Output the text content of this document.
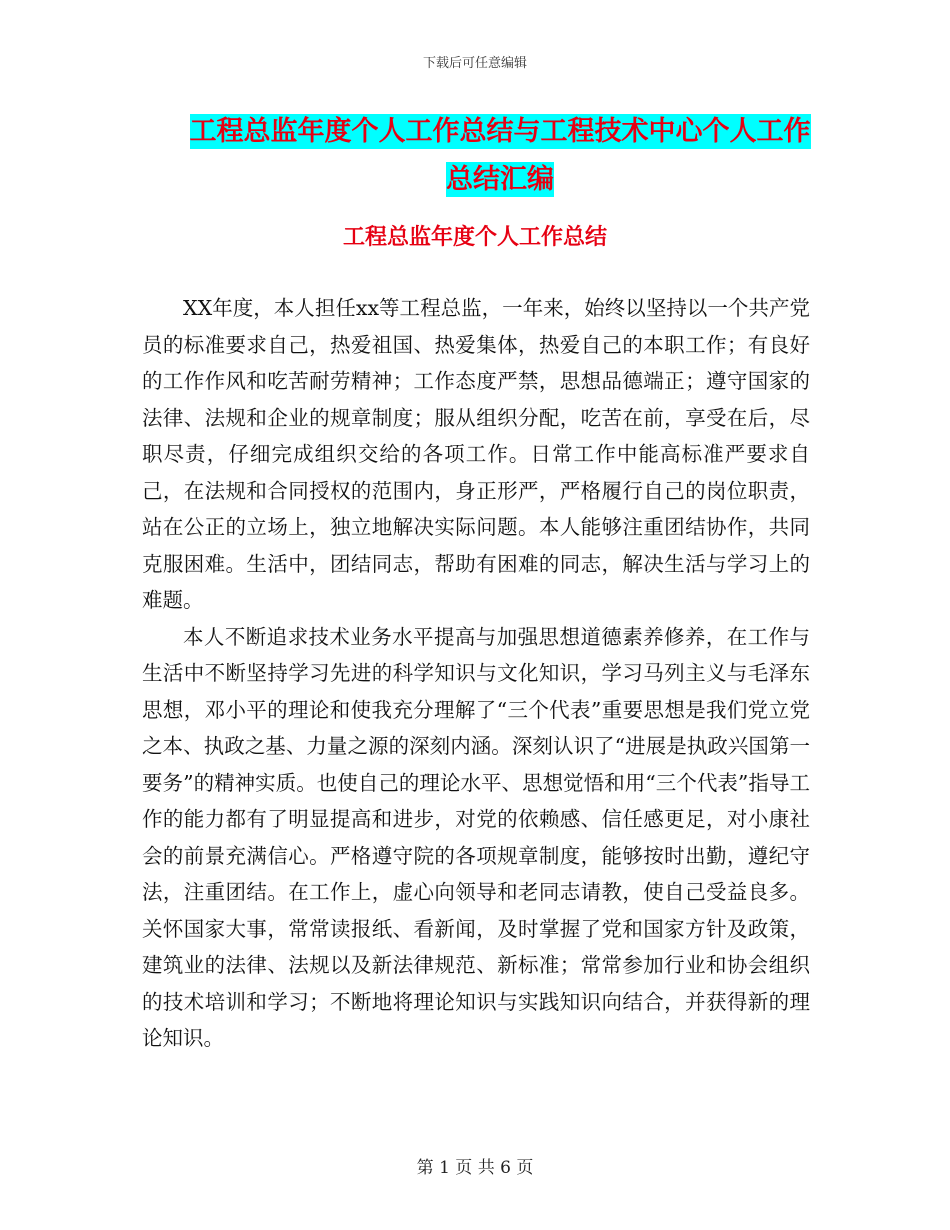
下载后可任意编辑
工程总监年度个人工作总结与工程技术中心个人工作
总结汇编
工程总监年度个人工作总结

XX年度，本人担任xx等工程总监，一年来，始终以坚持以一个共产党员的标准要求自己，热爱祖国、热爱集体，热爱自己的本职工作；有良好的工作作风和吃苦耐劳精神；工作态度严禁，思想品德端正；遵守国家的法律、法规和企业的规章制度；服从组织分配，吃苦在前，享受在后，尽职尽责，仔细完成组织交给的各项工作。日常工作中能高标准严要求自己，在法规和合同授权的范围内，身正形严，严格履行自己的岗位职责，站在公正的立场上，独立地解决实际问题。本人能够注重团结协作，共同克服困难。生活中，团结同志，帮助有困难的同志，解决生活与学习上的难题。

本人不断追求技术业务水平提高与加强思想道德素养修养，在工作与生活中不断坚持学习先进的科学知识与文化知识，学习马列主义与毛泽东思想，邓小平的理论和使我充分理解了“三个代表”重要思想是我们党立党之本、执政之基、力量之源的深刻内涵。深刻认识了“进展是执政兴国第一要务”的精神实质。也使自己的理论水平、思想觉悟和用“三个代表”指导工作的能力都有了明显提高和进步，对党的依赖感、信任感更足，对小康社会的前景充满信心。严格遵守院的各项规章制度，能够按时出勤，遵纪守法，注重团结。在工作上，虚心向领导和老同志请教，使自己受益良多。 关怀国家大事，常常读报纸、看新闻，及时掌握了党和国家方针及政策，建筑业的法律、法规以及新法律规范、新标准；常常参加行业和协会组织的技术培训和学习；不断地将理论知识与实践知识向结合，并获得新的理论知识。

第 1 页 共 6 页
